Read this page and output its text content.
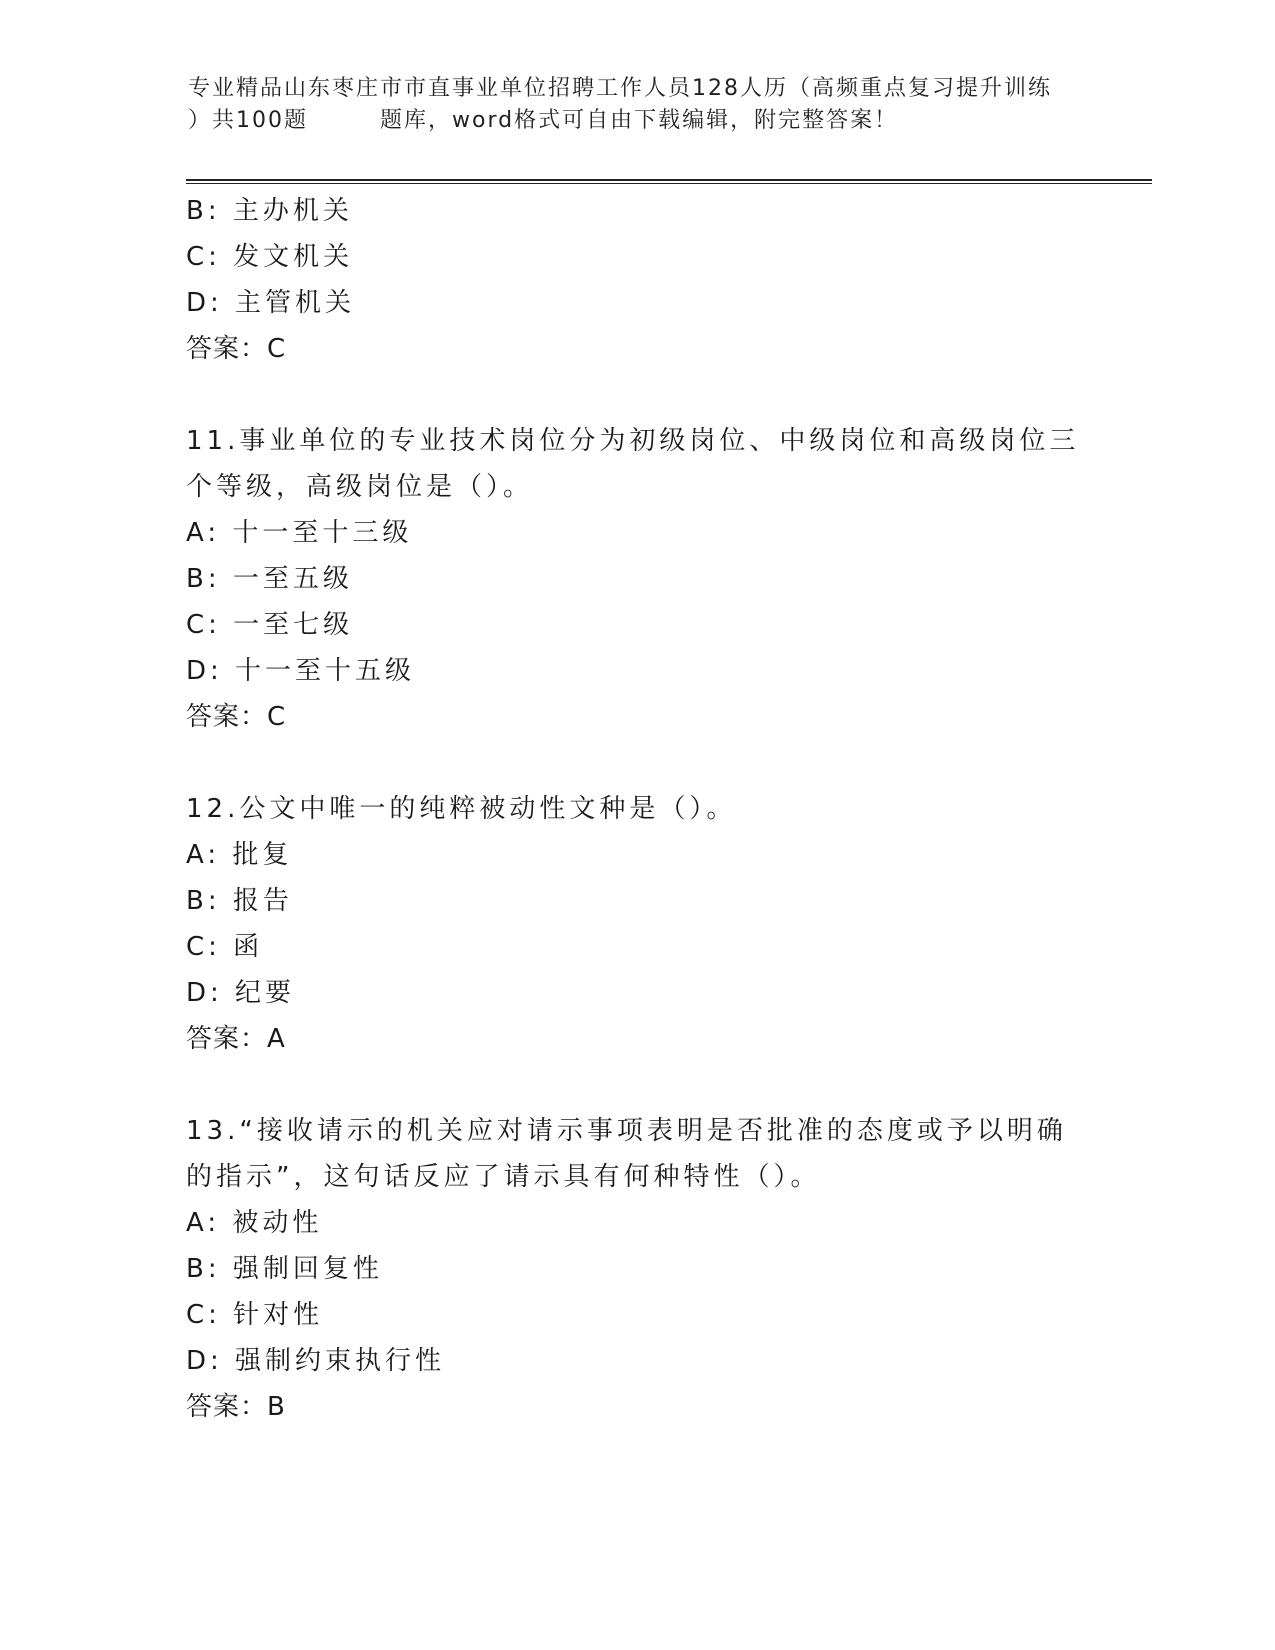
专业精品山东枣庄市市直事业单位招聘工作人员128人历（高频重点复习提升训练
）共100题	题库，word格式可自由下载编辑，附完整答案！
B: 主办机关
C: 发文机关
D: 主管机关
答案：C
11.事业单位的专业技术岗位分为初级岗位、中级岗位和高级岗位三个等级，高级岗位是（）。
A: 十一至十三级
B: 一至五级
C: 一至七级
D: 十一至十五级
答案：C
12.公文中唯一的纯粹被动性文种是（）。
A: 批复
B: 报告
C: 函
D: 纪要
答案：A
13.“接收请示的机关应对请示事项表明是否批准的态度或予以明确的指示”，这句话反应了请示具有何种特性（）。
A: 被动性
B: 强制回复性
C: 针对性
D: 强制约束执行性
答案：B
